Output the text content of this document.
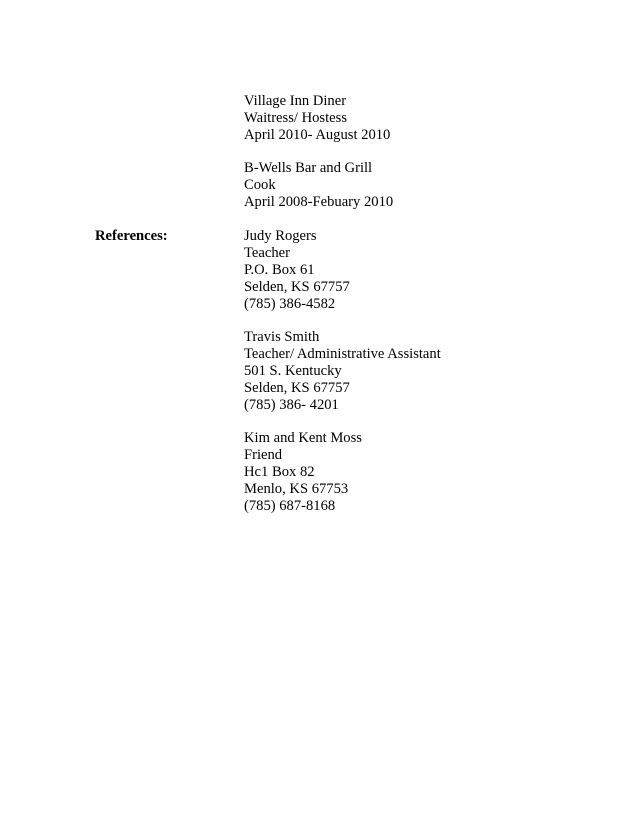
Village Inn Diner
Waitress/ Hostess
April 2010- August 2010
B-Wells Bar and Grill
Cook
April 2008-Febuary 2010
References:	Judy Rogers
Teacher
P.O. Box 61
Selden, KS 67757
(785) 386-4582
Travis Smith
Teacher/ Administrative Assistant
501 S. Kentucky
Selden, KS 67757
(785) 386- 4201
Kim and Kent Moss
Friend
Hc1 Box 82
Menlo, KS 67753
(785) 687-8168
